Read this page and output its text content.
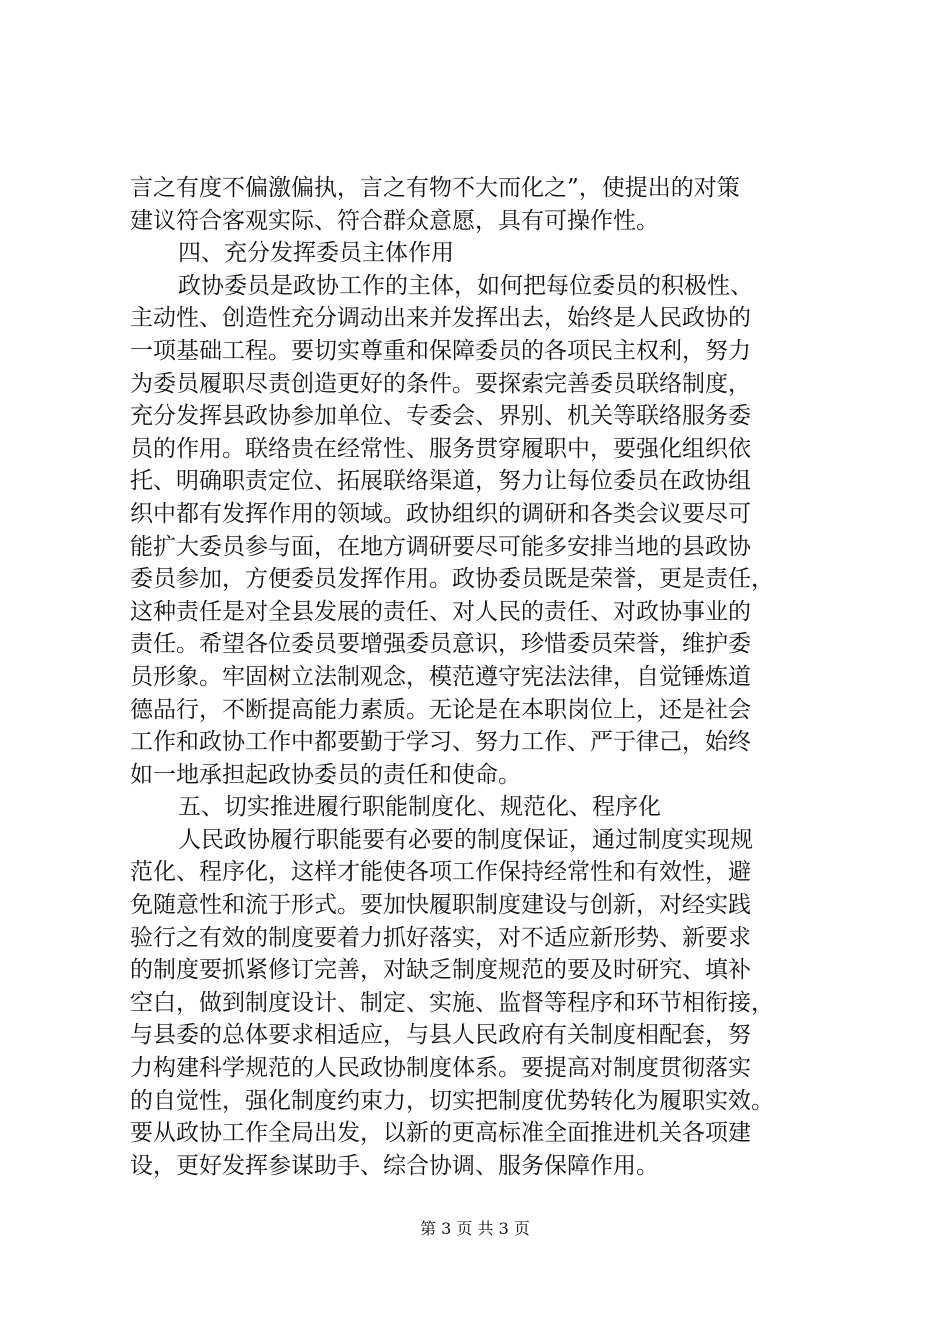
言之有度不偏激偏执，言之有物不大而化之”，使提出的对策
建议符合客观实际、符合群众意愿，具有可操作性。
四、充分发挥委员主体作用
政协委员是政协工作的主体，如何把每位委员的积极性、
主动性、创造性充分调动出来并发挥出去，始终是人民政协的
一项基础工程。要切实尊重和保障委员的各项民主权利，努力
为委员履职尽责创造更好的条件。要探索完善委员联络制度，
充分发挥县政协参加单位、专委会、界别、机关等联络服务委
员的作用。联络贵在经常性、服务贯穿履职中，要强化组织依
托、明确职责定位、拓展联络渠道，努力让每位委员在政协组
织中都有发挥作用的领域。政协组织的调研和各类会议要尽可
能扩大委员参与面，在地方调研要尽可能多安排当地的县政协
委员参加，方便委员发挥作用。政协委员既是荣誉，更是责任，
这种责任是对全县发展的责任、对人民的责任、对政协事业的
责任。希望各位委员要增强委员意识，珍惜委员荣誉，维护委
员形象。牢固树立法制观念，模范遵守宪法法律，自觉锤炼道
德品行，不断提高能力素质。无论是在本职岗位上，还是社会
工作和政协工作中都要勤于学习、努力工作、严于律己，始终
如一地承担起政协委员的责任和使命。
五、切实推进履行职能制度化、规范化、程序化
人民政协履行职能要有必要的制度保证，通过制度实现规
范化、程序化，这样才能使各项工作保持经常性和有效性，避
免随意性和流于形式。要加快履职制度建设与创新，对经实践
验行之有效的制度要着力抓好落实，对不适应新形势、新要求
的制度要抓紧修订完善，对缺乏制度规范的要及时研究、填补
空白，做到制度设计、制定、实施、监督等程序和环节相衔接，
与县委的总体要求相适应，与县人民政府有关制度相配套，努
力构建科学规范的人民政协制度体系。要提高对制度贯彻落实
的自觉性，强化制度约束力，切实把制度优势转化为履职实效。
要从政协工作全局出发，以新的更高标准全面推进机关各项建
设，更好发挥参谋助手、综合协调、服务保障作用。
第 3 页 共 3 页
